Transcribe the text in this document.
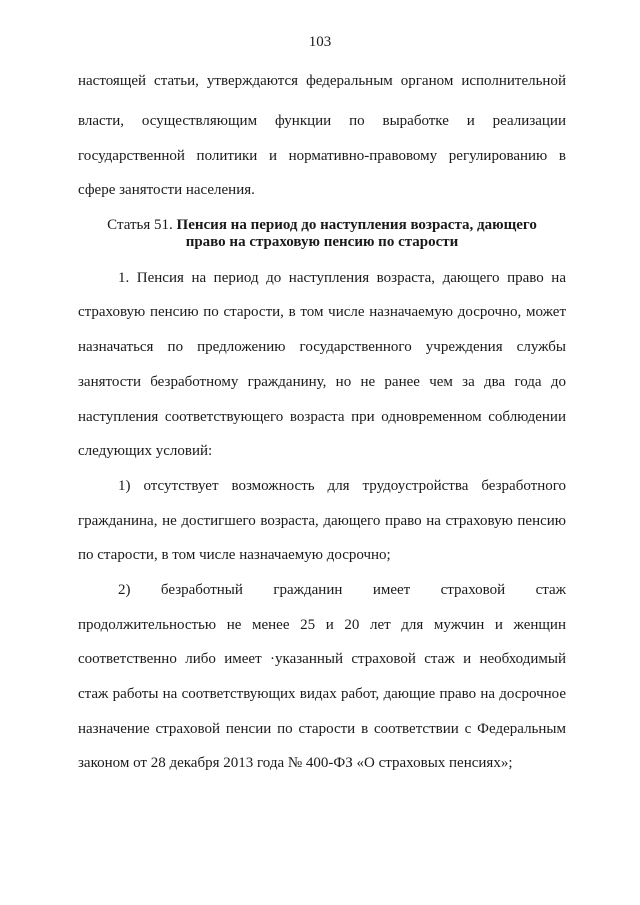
103
настоящей статьи, утверждаются федеральным органом исполнительной
власти, осуществляющим функции по выработке и реализации
государственной политики и нормативно-правовому регулированию в
сфере занятости населения.
Статья 51. Пенсия на период до наступления возраста, дающего
право на страховую пенсию по старости
1. Пенсия на период до наступления возраста, дающего право на
страховую пенсию по старости, в том числе назначаемую досрочно, может
назначаться по предложению государственного учреждения службы
занятости безработному гражданину, но не ранее чем за два года до
наступления соответствующего возраста при одновременном соблюдении
следующих условий:
1) отсутствует возможность для трудоустройства безработного
гражданина, не достигшего возраста, дающего право на страховую пенсию
по старости, в том числе назначаемую досрочно;
2) безработный гражданин имеет страховой стаж
продолжительностью не менее 25 и 20 лет для мужчин и женщин
соответственно либо имеет ·указанный страховой стаж и необходимый
стаж работы на соответствующих видах работ, дающие право на досрочное
назначение страховой пенсии по старости в соответствии с Федеральным
законом от 28 декабря 2013 года № 400-ФЗ «О страховых пенсиях»;
